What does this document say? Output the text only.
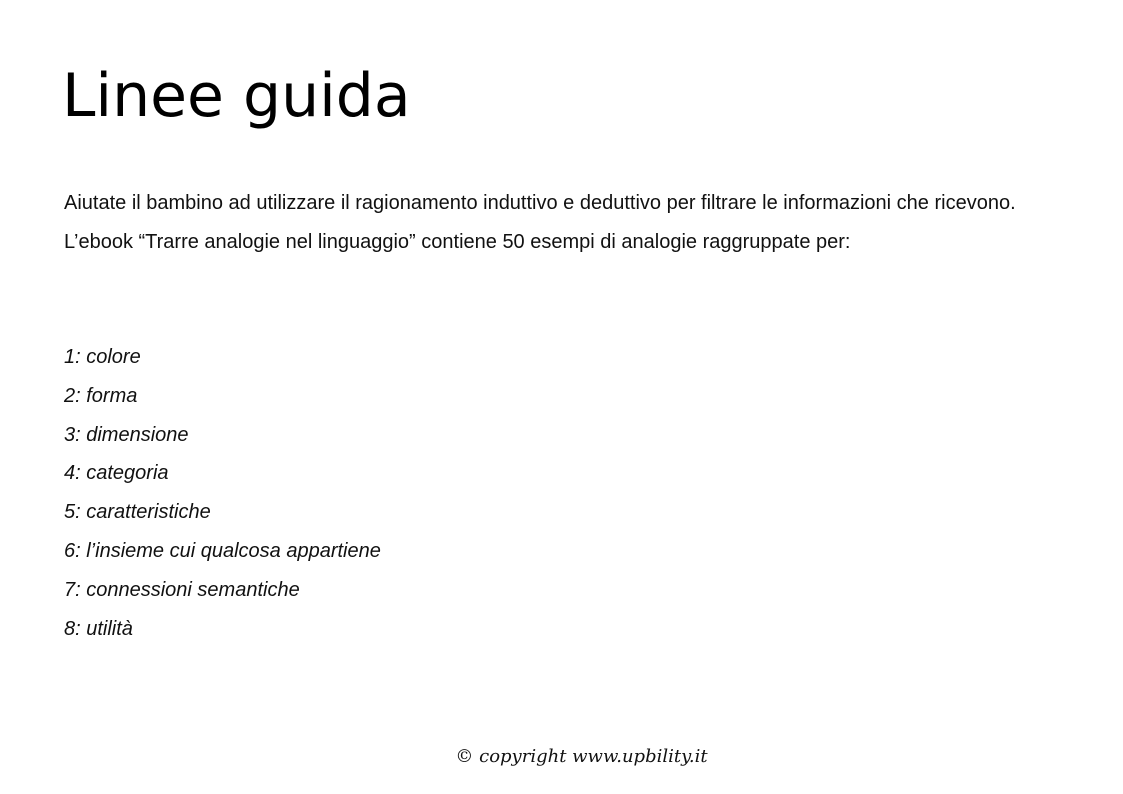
Linee guida

Aiutate il bambino ad utilizzare il ragionamento induttivo e deduttivo per filtrare le informazioni che ricevono. L’ebook “Trarre analogie nel linguaggio” contiene 50 esempi di analogie raggruppate per:

1: colore
2: forma
3: dimensione
4: categoria
5: caratteristiche
6: l’insieme cui qualcosa appartiene
7: connessioni semantiche
8: utilità
© copyright www.upbility.it
